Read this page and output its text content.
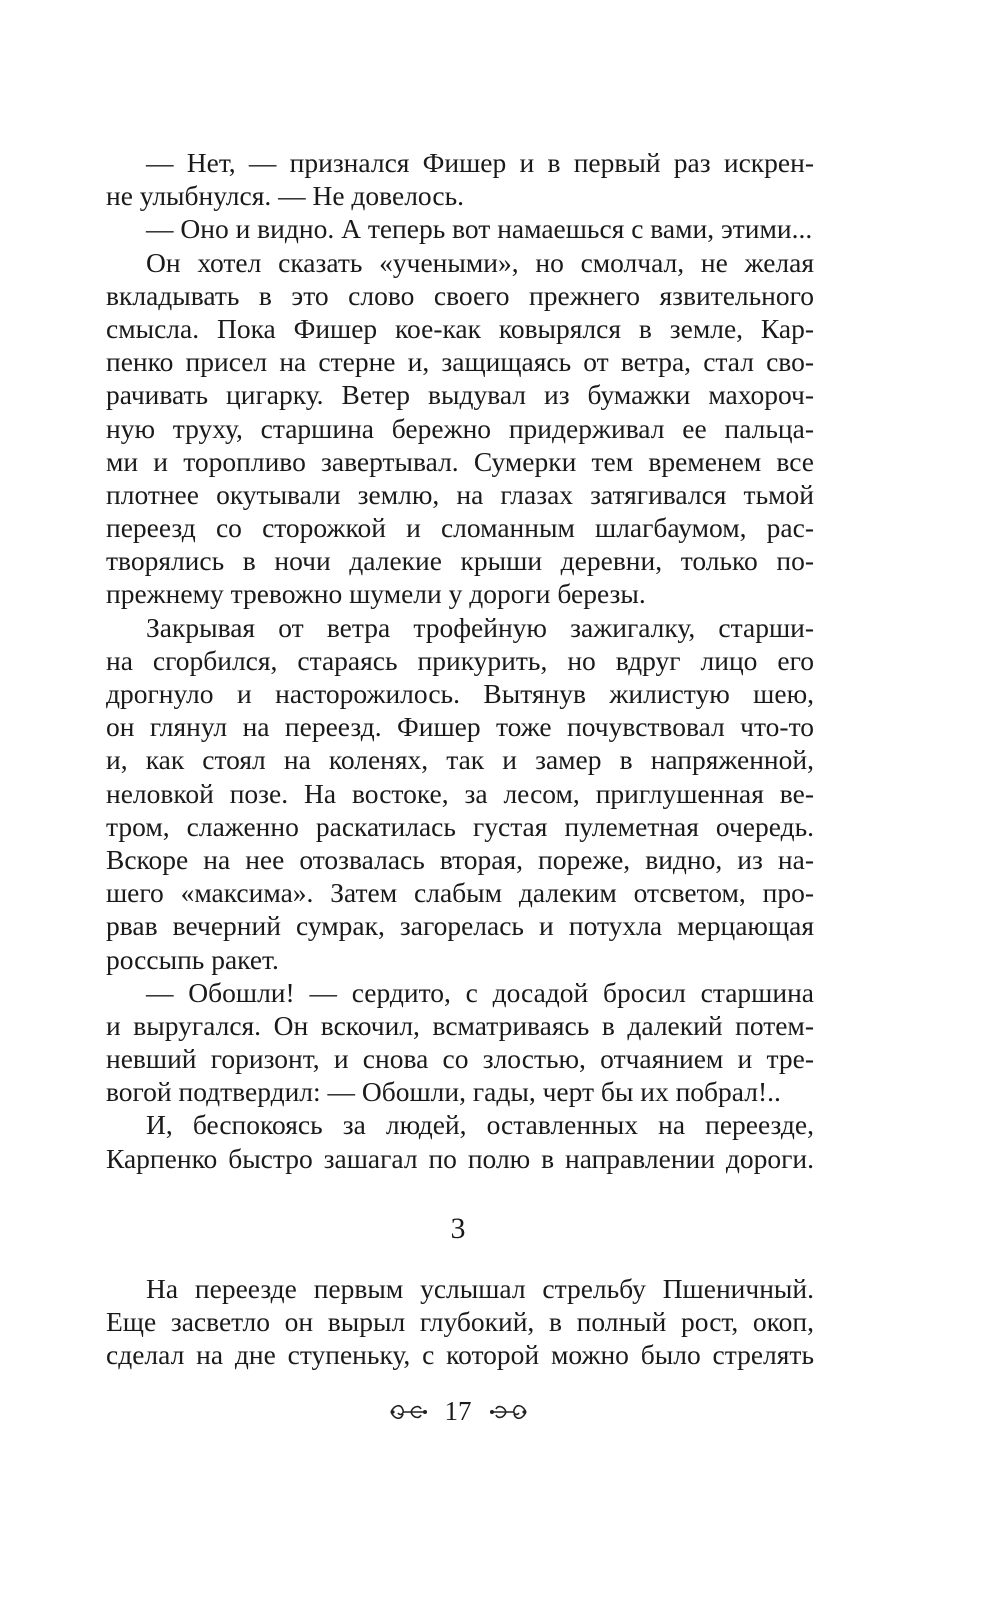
— Нет, — признался Фишер и в первый раз искрен-
не улыбнулся. — Не довелось.
— Оно и видно. А теперь вот намаешься с вами, этими...
Он хотел сказать «учеными», но смолчал, не желая
вкладывать в это слово своего прежнего язвительного
смысла. Пока Фишер кое-как ковырялся в земле, Кар-
пенко присел на стерне и, защищаясь от ветра, стал сво-
рачивать цигарку. Ветер выдувал из бумажки махороч-
ную труху, старшина бережно придерживал ее пальца-
ми и торопливо завертывал. Сумерки тем временем все
плотнее окутывали землю, на глазах затягивался тьмой
переезд со сторожкой и сломанным шлагбаумом, рас-
творялись в ночи далекие крыши деревни, только по-
прежнему тревожно шумели у дороги березы.
Закрывая от ветра трофейную зажигалку, старши-
на сгорбился, стараясь прикурить, но вдруг лицо его
дрогнуло и насторожилось. Вытянув жилистую шею,
он глянул на переезд. Фишер тоже почувствовал что-то
и, как стоял на коленях, так и замер в напряженной,
неловкой позе. На востоке, за лесом, приглушенная ве-
тром, слаженно раскатилась густая пулеметная очередь.
Вскоре на нее отозвалась вторая, пореже, видно, из на-
шего «максима». Затем слабым далеким отсветом, про-
рвав вечерний сумрак, загорелась и потухла мерцающая
россыпь ракет.
— Обошли! — сердито, с досадой бросил старшина
и выругался. Он вскочил, всматриваясь в далекий потем-
невший горизонт, и снова со злостью, отчаянием и тре-
вогой подтвердил: — Обошли, гады, черт бы их побрал!..
И, беспокоясь за людей, оставленных на переезде,
Карпенко быстро зашагал по полю в направлении дороги.
3
На переезде первым услышал стрельбу Пшеничный.
Еще засветло он вырыл глубокий, в полный рост, окоп,
сделал на дне ступеньку, с которой можно было стрелять
17
